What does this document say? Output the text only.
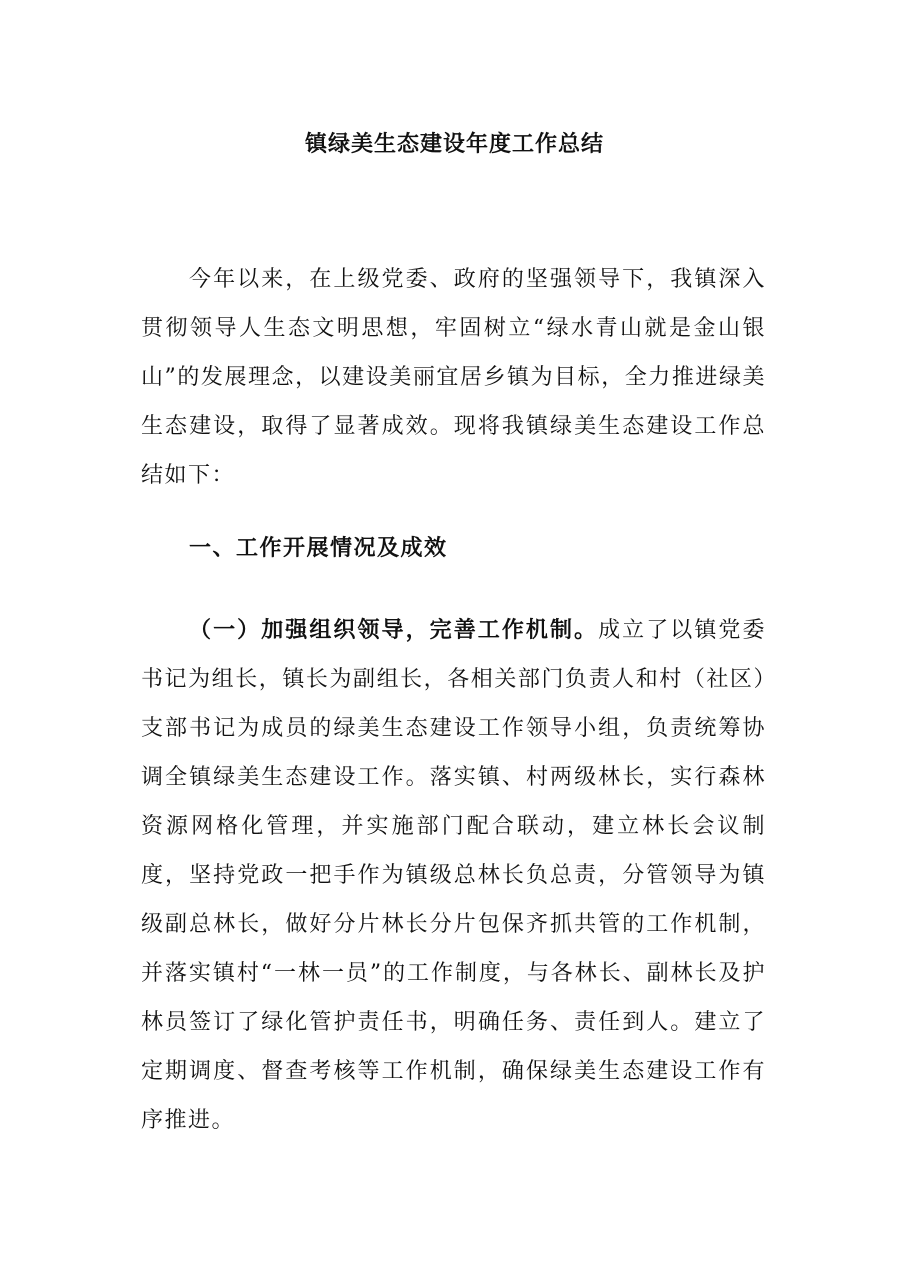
镇绿美生态建设年度工作总结

今年以来，在上级党委、政府的坚强领导下，我镇深入贯彻领导人生态文明思想，牢固树立“绿水青山就是金山银山”的发展理念，以建设美丽宜居乡镇为目标，全力推进绿美生态建设，取得了显著成效。现将我镇绿美生态建设工作总结如下：

一、工作开展情况及成效

（一）加强组织领导，完善工作机制。成立了以镇党委书记为组长，镇长为副组长，各相关部门负责人和村（社区）支部书记为成员的绿美生态建设工作领导小组，负责统筹协调全镇绿美生态建设工作。落实镇、村两级林长，实行森林资源网格化管理，并实施部门配合联动，建立林长会议制度，坚持党政一把手作为镇级总林长负总责，分管领导为镇级副总林长，做好分片林长分片包保齐抓共管的工作机制，并落实镇村“一林一员”的工作制度，与各林长、副林长及护林员签订了绿化管护责任书，明确任务、责任到人。建立了定期调度、督查考核等工作机制，确保绿美生态建设工作有序推进。
